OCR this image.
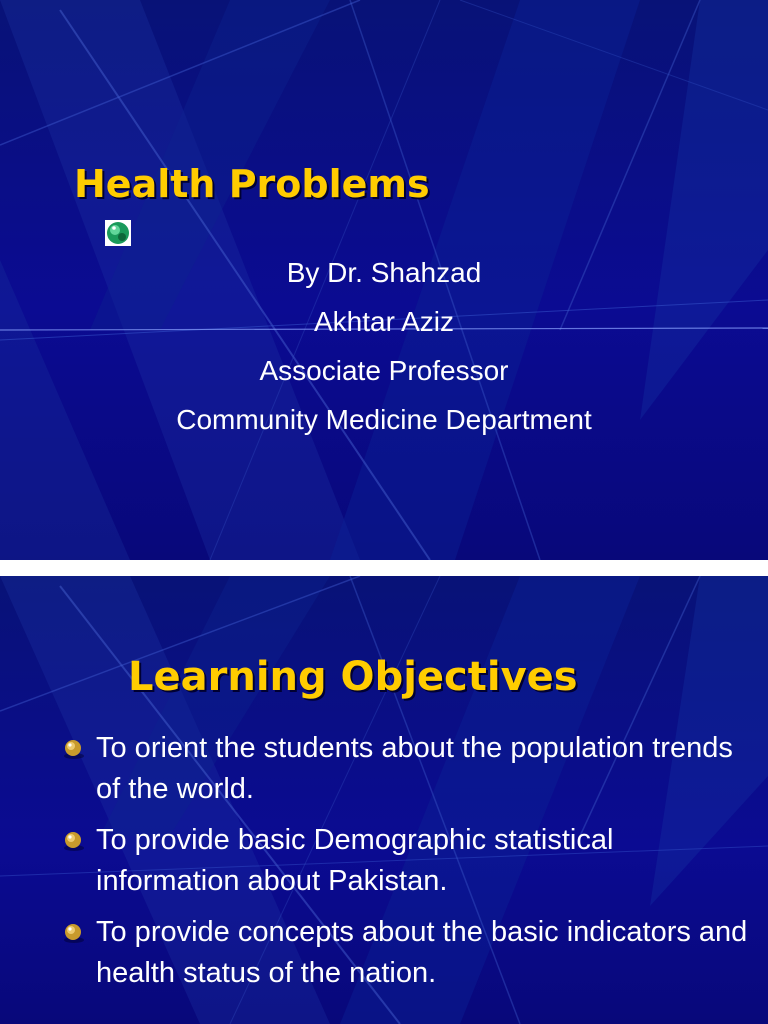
Health Problems
By Dr. Shahzad
Akhtar Aziz
Associate Professor
Community Medicine Department
Learning Objectives
To orient the students about the population trends of the world.
To provide basic Demographic statistical information about Pakistan.
To provide concepts about the basic indicators and health status of the nation.
